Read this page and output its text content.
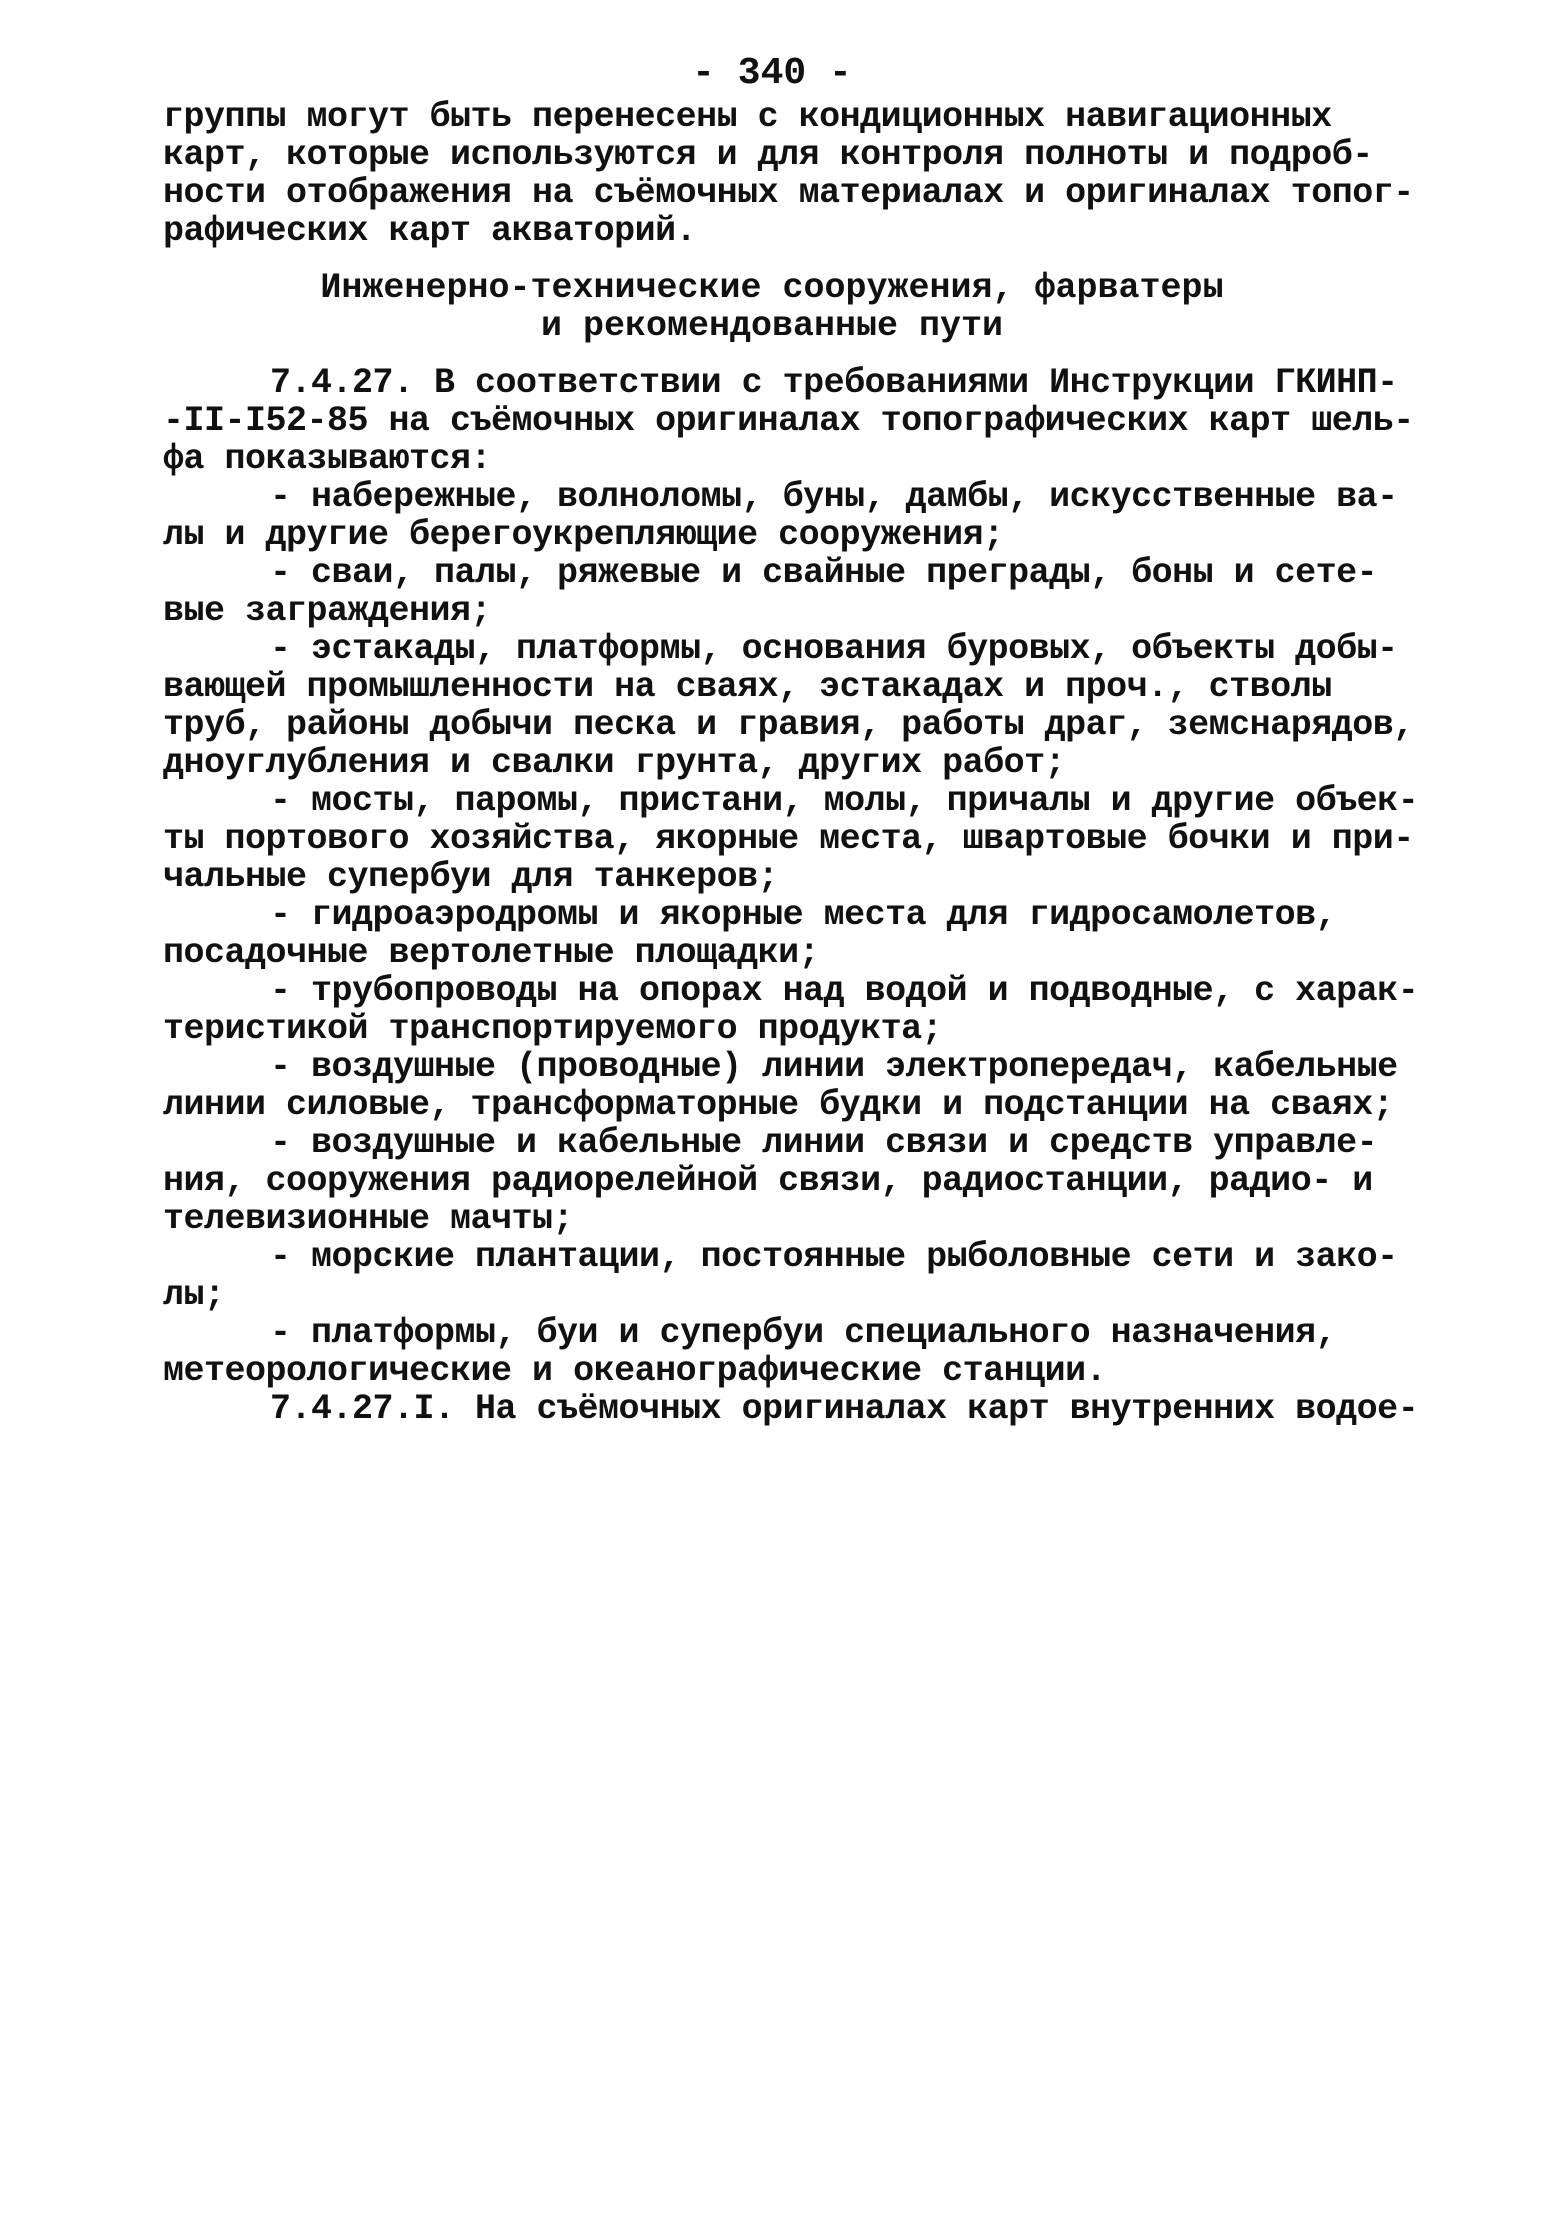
- 340 -
группы могут быть перенесены с кондиционных навигационных
карт, которые используются и для контроля полноты и подроб-
ности отображения на съёмочных материалах и оригиналах топог-
рафических карт акваторий.
Инженерно-технические сооружения, фарватеры
и рекомендованные пути
7.4.27. В соответствии с требованиями Инструкции ГКИНП-
-II-I52-85 на съёмочных оригиналах топографических карт шель-
фа показываются:
- набережные, волноломы, буны, дамбы, искусственные ва-
лы и другие берегоукрепляющие сооружения;
- сваи, палы, ряжевые и свайные преграды, боны и сете-
вые заграждения;
- эстакады, платформы, основания буровых, объекты добы-
вающей промышленности на сваях, эстакадах и проч., стволы
труб, районы добычи песка и гравия, работы драг, земснарядов,
дноуглубления и свалки грунта, других работ;
- мосты, паромы, пристани, молы, причалы и другие объек-
ты портового хозяйства, якорные места, швартовые бочки и при-
чальные супербуи для танкеров;
- гидроаэродромы и якорные места для гидросамолетов,
посадочные вертолетные площадки;
- трубопроводы на опорах над водой и подводные, с харак-
теристикой транспортируемого продукта;
- воздушные (проводные) линии электропередач, кабельные
линии силовые, трансформаторные будки и подстанции на сваях;
- воздушные и кабельные линии связи и средств управле-
ния, сооружения радиорелейной связи, радиостанции, радио- и
телевизионные мачты;
- морские плантации, постоянные рыболовные сети и зако-
лы;
- платформы, буи и супербуи специального назначения,
метеорологические и океанографические станции.
7.4.27.I. На съёмочных оригиналах карт внутренних водое-
